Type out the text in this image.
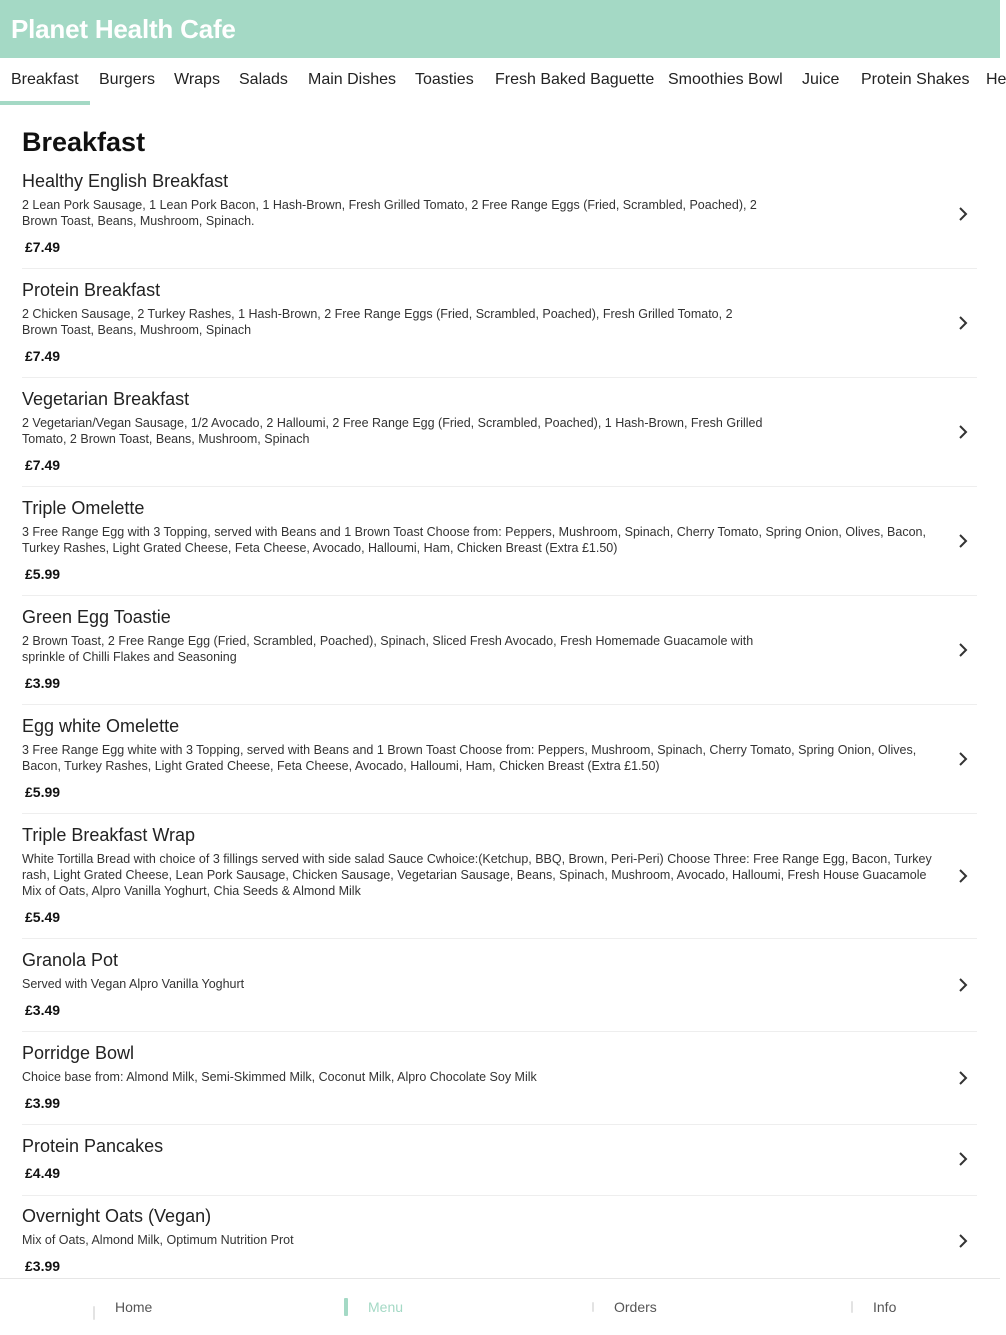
Planet Health Cafe
Breakfast	Burgers Wraps Salads Main Dishes Toasties Fresh Baked Baguette Smoothies Bowl Juice Protein Shakes He
Breakfast
Healthy English Breakfast
2 Lean Pork Sausage, 1 Lean Pork Bacon, 1 Hash-Brown, Fresh Grilled Tomato, 2 Free Range Eggs (Fried, Scrambled, Poached), 2 Brown Toast, Beans, Mushroom, Spinach.
£7.49
Protein Breakfast
2 Chicken Sausage, 2 Turkey Rashes, 1 Hash-Brown, 2 Free Range Eggs (Fried, Scrambled, Poached), Fresh Grilled Tomato, 2 Brown Toast, Beans, Mushroom, Spinach
£7.49
Vegetarian Breakfast
2 Vegetarian/Vegan Sausage, 1/2 Avocado, 2 Halloumi, 2 Free Range Egg (Fried, Scrambled, Poached), 1 Hash-Brown, Fresh Grilled Tomato, 2 Brown Toast, Beans, Mushroom, Spinach
£7.49
Triple Omelette
3 Free Range Egg with 3 Topping, served with Beans and 1 Brown Toast Choose from: Peppers, Mushroom, Spinach, Cherry Tomato, Spring Onion, Olives, Bacon, Turkey Rashes, Light Grated Cheese, Feta Cheese, Avocado, Halloumi, Ham, Chicken Breast (Extra £1.50)
£5.99
Green Egg Toastie
2 Brown Toast, 2 Free Range Egg (Fried, Scrambled, Poached), Spinach, Sliced Fresh Avocado, Fresh Homemade Guacamole with sprinkle of Chilli Flakes and Seasoning
£3.99
Egg white Omelette
3 Free Range Egg white with 3 Topping, served with Beans and 1 Brown Toast Choose from: Peppers, Mushroom, Spinach, Cherry Tomato, Spring Onion, Olives, Bacon, Turkey Rashes, Light Grated Cheese, Feta Cheese, Avocado, Halloumi, Ham, Chicken Breast (Extra £1.50)
£5.99
Triple Breakfast Wrap
White Tortilla Bread with choice of 3 fillings served with side salad Sauce Cwhoice:(Ketchup, BBQ, Brown, Peri-Peri) Choose Three: Free Range Egg, Bacon, Turkey rash, Light Grated Cheese, Lean Pork Sausage, Chicken Sausage, Vegetarian Sausage, Beans, Spinach, Mushroom, Avocado, Halloumi, Fresh House Guacamole Mix of Oats, Alpro Vanilla Yoghurt, Chia Seeds & Almond Milk
£5.49
Granola Pot
Served with Vegan Alpro Vanilla Yoghurt
£3.49
Porridge Bowl
Choice base from: Almond Milk, Semi-Skimmed Milk, Coconut Milk, Alpro Chocolate Soy Milk
£3.99
Protein Pancakes
£4.49
Overnight Oats (Vegan)
Mix of Oats, Almond Milk, Optimum Nutrition Prot
£3.99
Home	Menu	Orders	Info
